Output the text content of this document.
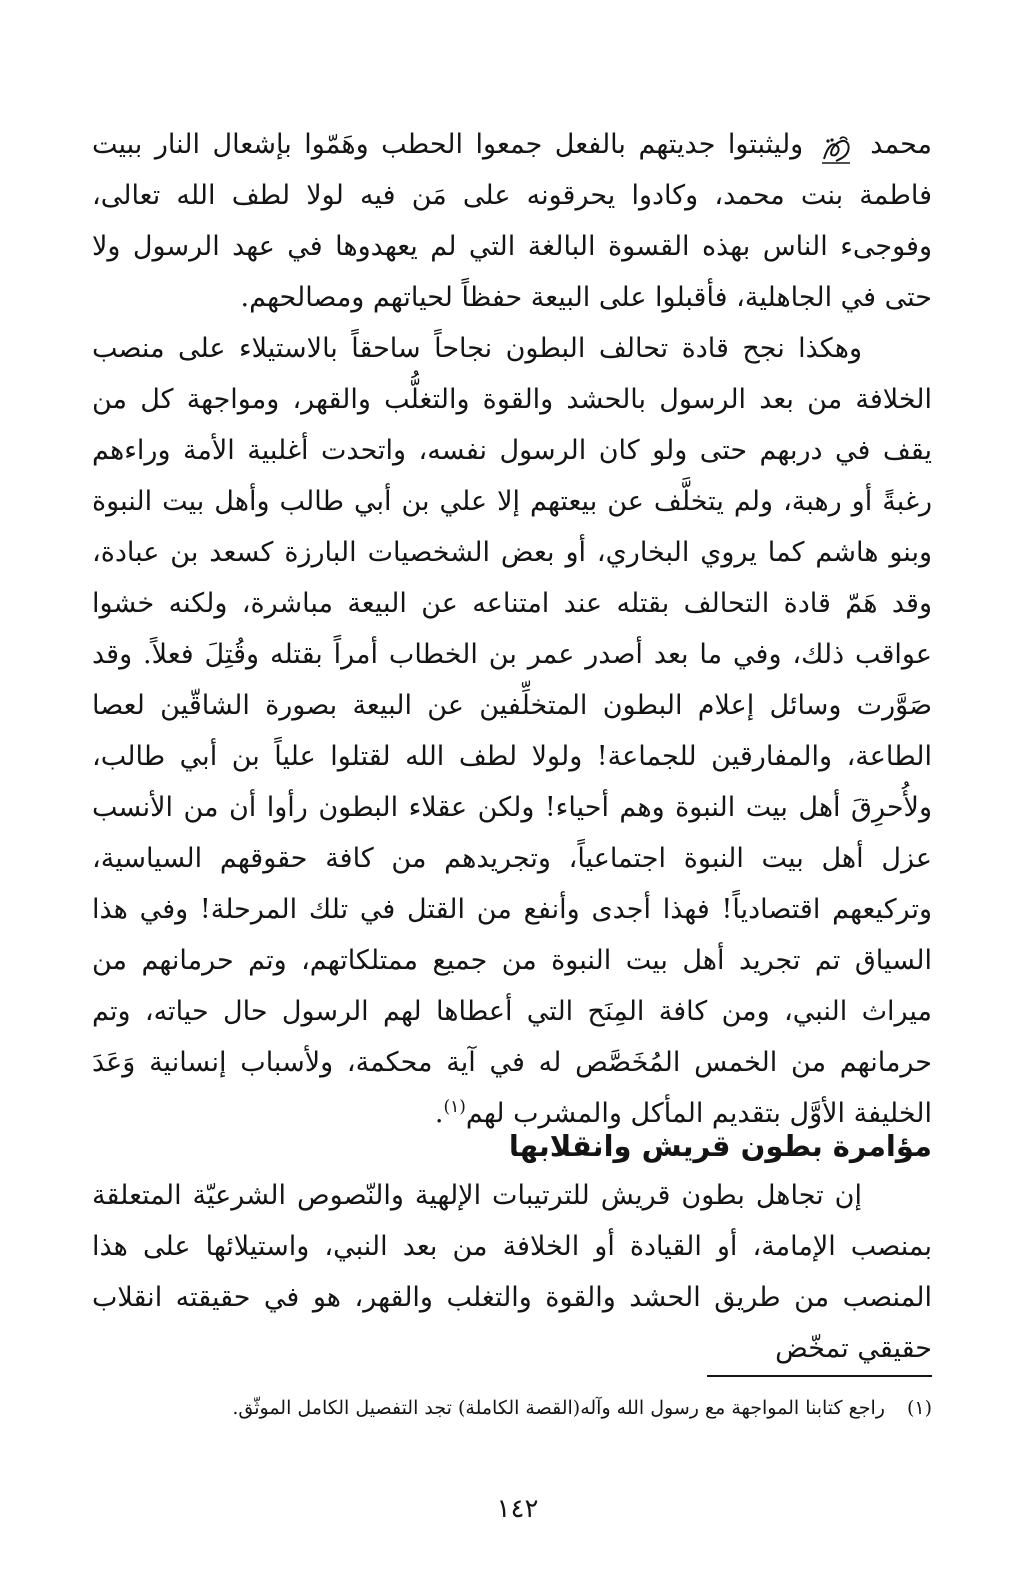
محمد  وليثبتوا جديتهم بالفعل جمعوا الحطب وهَمّوا بإشعال النار ببيت فاطمة بنت محمد، وكادوا يحرقونه على مَن فيه لولا لطف الله تعالى، وفوجىء الناس بهذه القسوة البالغة التي لم يعهدوها في عهد الرسول ولا حتى في الجاهلية، فأقبلوا على البيعة حفظاً لحياتهم ومصالحهم.

وهكذا نجح قادة تحالف البطون نجاحاً ساحقاً بالاستيلاء على منصب الخلافة من بعد الرسول بالحشد والقوة والتغلُّب والقهر، ومواجهة كل من يقف في دربهم حتى ولو كان الرسول نفسه، واتحدت أغلبية الأمة وراءهم رغبةً أو رهبة، ولم يتخلَّف عن بيعتهم إلا علي بن أبي طالب وأهل بيت النبوة وبنو هاشم كما يروي البخاري، أو بعض الشخصيات البارزة كسعد بن عبادة، وقد هَمّ قادة التحالف بقتله عند امتناعه عن البيعة مباشرة، ولكنه خشوا عواقب ذلك، وفي ما بعد أصدر عمر بن الخطاب أمراً بقتله وقُتِلَ فعلاً. وقد صَوَّرت وسائل إعلام البطون المتخلِّفين عن البيعة بصورة الشاقّين لعصا الطاعة، والمفارقين للجماعة! ولولا لطف الله لقتلوا علياً بن أبي طالب، ولأُحرِقَ أهل بيت النبوة وهم أحياء! ولكن عقلاء البطون رأوا أن من الأنسب عزل أهل بيت النبوة اجتماعياً، وتجريدهم من كافة حقوقهم السياسية، وتركيعهم اقتصادياً! فهذا أجدى وأنفع من القتل في تلك المرحلة! وفي هذا السياق تم تجريد أهل بيت النبوة من جميع ممتلكاتهم، وتم حرمانهم من ميراث النبي، ومن كافة المِنَح التي أعطاها لهم الرسول حال حياته، وتم حرمانهم من الخمس المُخَصَّص له في آية محكمة، ولأسباب إنسانية وَعَدَ الخليفة الأوَّل بتقديم المأكل والمشرب لهم$^{(١)}$.

مؤامرة بطون قريش وانقلابها

إن تجاهل بطون قريش للترتيبات الإلهية والنّصوص الشرعيّة المتعلقة بمنصب الإمامة، أو القيادة أو الخلافة من بعد النبي، واستيلائها على هذا المنصب من طريق الحشد والقوة والتغلب والقهر، هو في حقيقته انقلاب حقيقي تمخّض

(١)راجع كتابنا المواجهة مع رسول الله وآله(القصة الكاملة) تجد التفصيل الكامل الموثّق.

١٤٢
